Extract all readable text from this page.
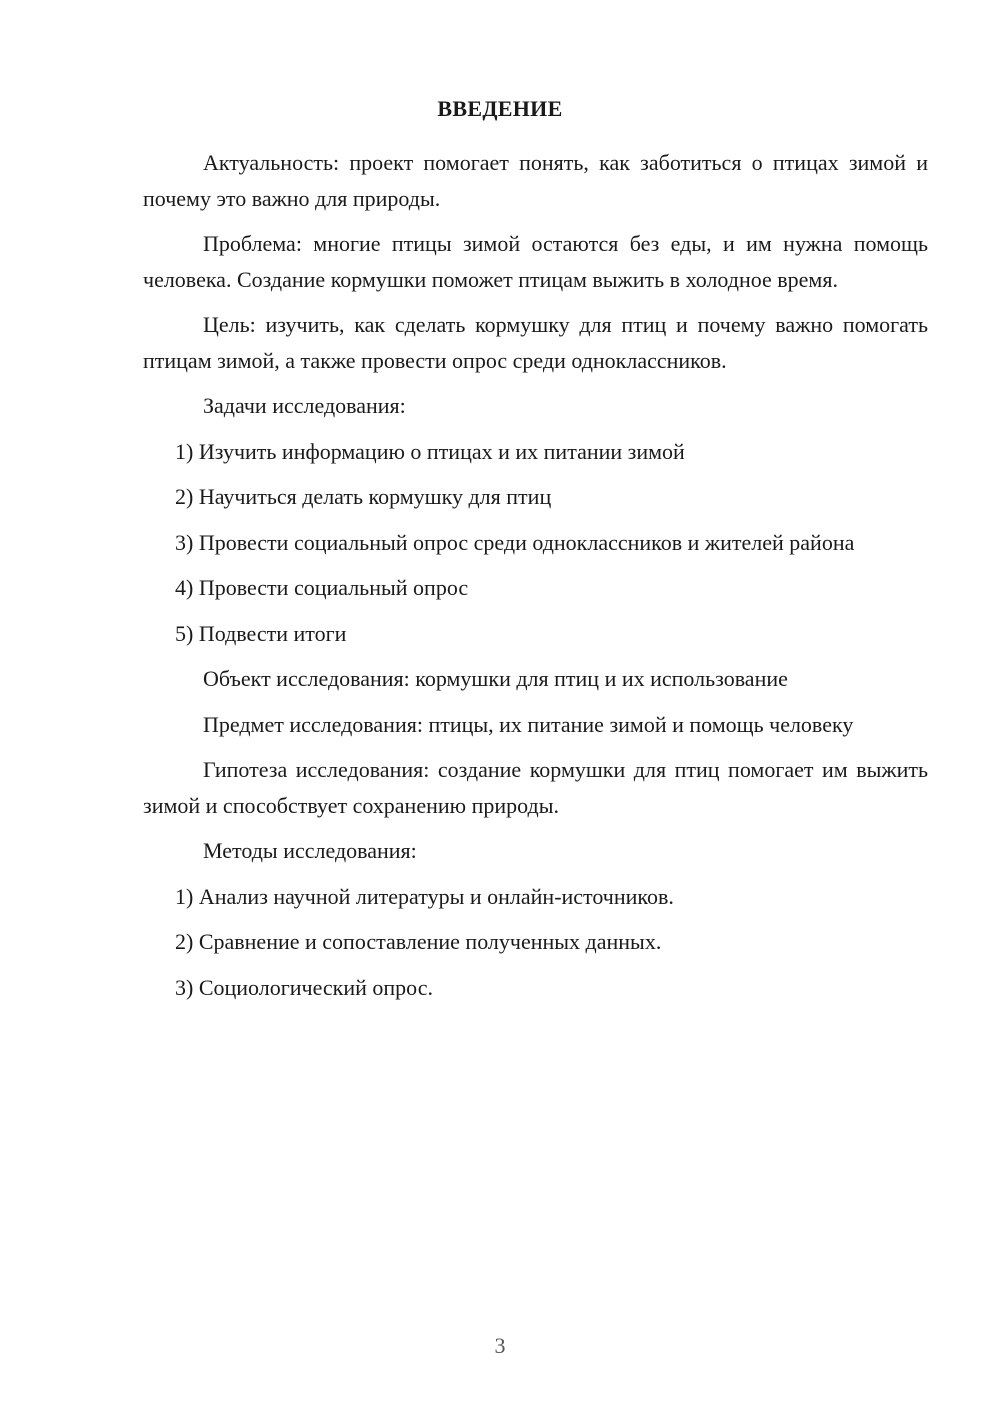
ВВЕДЕНИЕ

Актуальность: проект помогает понять, как заботиться о птицах зимой и почему это важно для природы.

Проблема: многие птицы зимой остаются без еды, и им нужна помощь человека. Создание кормушки поможет птицам выжить в холодное время.

Цель: изучить, как сделать кормушку для птиц и почему важно помогать птицам зимой, а также провести опрос среди одноклассников.

Задачи исследования:

1) Изучить информацию о птицах и их питании зимой

2) Научиться делать кормушку для птиц

3) Провести социальный опрос среди одноклассников и жителей района

4) Провести социальный опрос

5) Подвести итоги

Объект исследования: кормушки для птиц и их использование

Предмет исследования: птицы, их питание зимой и помощь человеку

Гипотеза исследования: создание кормушки для птиц помогает им выжить зимой и способствует сохранению природы.

Методы исследования:

1) Анализ научной литературы и онлайн-источников.

2) Сравнение и сопоставление полученных данных.

3) Социологический опрос.

3
